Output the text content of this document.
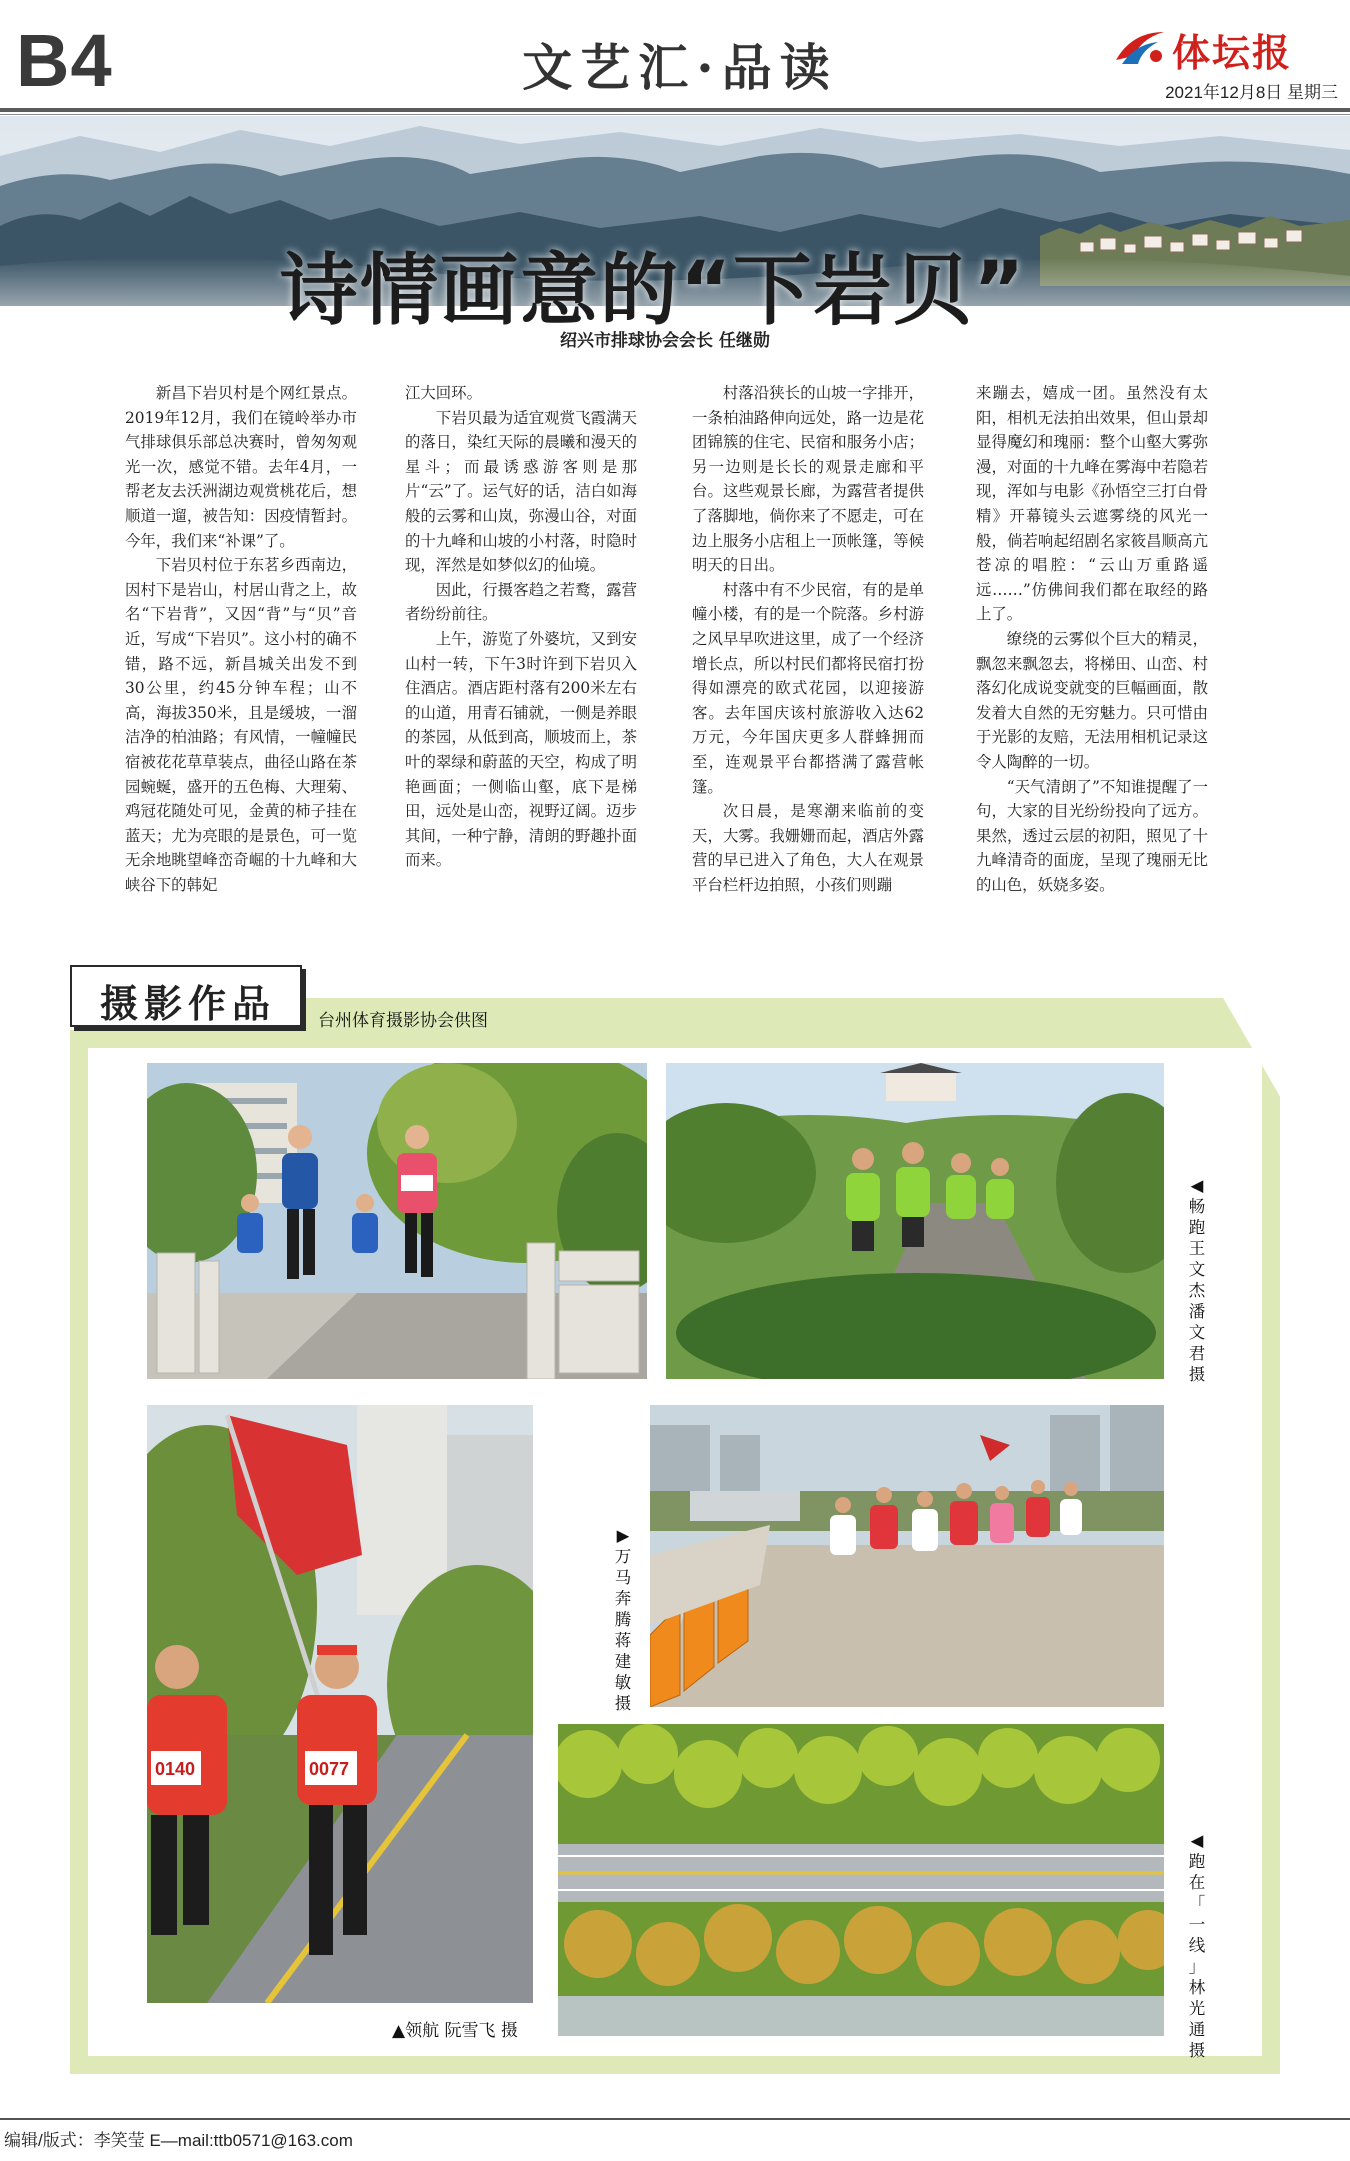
B4	文艺汇·品读	体坛报
2021年12月8日 星期三
诗情画意的“下岩贝”
绍兴市排球协会会长 任继勋

新昌下岩贝村是个网红景点。2019年12月，我们在镜岭举办市气排球俱乐部总决赛时，曾匆匆观光一次，感觉不错。去年4月，一帮老友去沃洲湖边观赏桃花后，想顺道一遛，被告知：因疫情暂封。今年，我们来“补课”了。

下岩贝村位于东茗乡西南边，因村下是岩山，村居山背之上，故名“下岩背”，又因“背”与“贝”音近，写成“下岩贝”。这小村的确不错，路不远，新昌城关出发不到30公里，约45分钟车程；山不高，海拔350米，且是缓坡，一溜洁净的柏油路；有风情，一幢幢民宿被花花草草装点，曲径山路在茶园蜿蜒，盛开的五色梅、大理菊、鸡冠花随处可见，金黄的柿子挂在蓝天；尤为亮眼的是景色，可一览无余地眺望峰峦奇崛的十九峰和大峡谷下的韩妃

江大回环。

下岩贝最为适宜观赏飞霞满天的落日，染红天际的晨曦和漫天的星斗；而最诱惑游客则是那片“云”了。运气好的话，洁白如海般的云雾和山岚，弥漫山谷，对面的十九峰和山坡的小村落，时隐时现，浑然是如梦似幻的仙境。

因此，行摄客趋之若鹜，露营者纷纷前往。

上午，游览了外婆坑，又到安山村一转，下午3时许到下岩贝入住酒店。酒店距村落有200米左右的山道，用青石铺就，一侧是养眼的茶园，从低到高，顺坡而上，茶叶的翠绿和蔚蓝的天空，构成了明艳画面；一侧临山壑，底下是梯田，远处是山峦，视野辽阔。迈步其间，一种宁静，清朗的野趣扑面而来。

村落沿狭长的山坡一字排开，一条柏油路伸向远处，路一边是花团锦簇的住宅、民宿和服务小店；另一边则是长长的观景走廊和平台。这些观景长廊，为露营者提供了落脚地，倘你来了不愿走，可在边上服务小店租上一顶帐篷，等候明天的日出。

村落中有不少民宿，有的是单幢小楼，有的是一个院落。乡村游之风早早吹进这里，成了一个经济增长点，所以村民们都将民宿打扮得如漂亮的欧式花园，以迎接游客。去年国庆该村旅游收入达62万元，今年国庆更多人群蜂拥而至，连观景平台都搭满了露营帐篷。

次日晨，是寒潮来临前的变天，大雾。我姗姗而起，酒店外露营的早已进入了角色，大人在观景平台栏杆边拍照，小孩们则蹦

来蹦去，嬉成一团。虽然没有太阳，相机无法拍出效果，但山景却显得魔幻和瑰丽：整个山壑大雾弥漫，对面的十九峰在雾海中若隐若现，浑如与电影《孙悟空三打白骨精》开幕镜头云遮雾绕的风光一般，倘若响起绍剧名家筱昌顺高亢苍凉的唱腔：“云山万重路遥远……”仿佛间我们都在取经的路上了。

缭绕的云雾似个巨大的精灵，飘忽来飘忽去，将梯田、山峦、村落幻化成说变就变的巨幅画面，散发着大自然的无穷魅力。只可惜由于光影的友赔，无法用相机记录这令人陶醉的一切。

“天气清朗了”不知谁提醒了一句，大家的目光纷纷投向了远方。果然，透过云层的初阳，照见了十九峰清奇的面庞，呈现了瑰丽无比的山色，妖娆多姿。

摄影作品	台州体育摄影协会供图
0140	0077
◀
畅
跑
王
文
杰
潘
文
君
摄
▶
万
马
奔
腾
蒋
建
敏
摄
◀
跑
在
「
一
线
」
林
光
通
摄
▲领航 阮雪飞 摄
编辑/版式：李笑莹 E—mail:ttb0571@163.com
